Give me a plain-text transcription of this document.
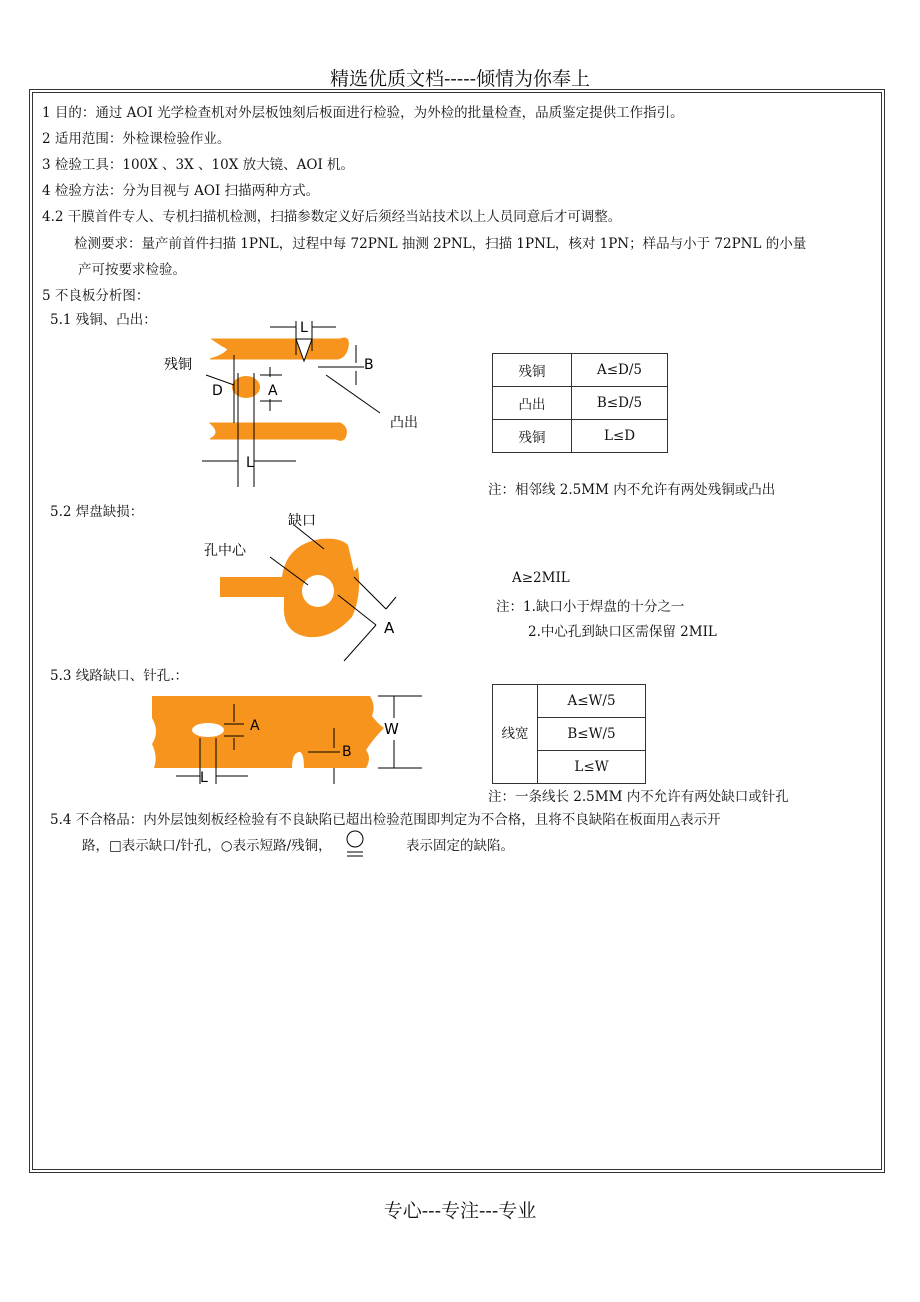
精选优质文档-----倾情为你奉上
1 目的：通过 AOI 光学检查机对外层板蚀刻后板面进行检验，为外检的批量检查，品质鉴定提供工作指引。
2 适用范围：外检课检验作业。
3 检验工具：100X 、3X 、10X 放大镜、AOI 机。
4 检验方法：分为目视与 AOI 扫描两种方式。
4.2 干膜首件专人、专机扫描机检测，扫描参数定义好后须经当站技术以上人员同意后才可调整。
检测要求：量产前首件扫描 1PNL，过程中每 72PNL 抽测 2PNL，扫描 1PNL，核对 1PN；样品与小于 72PNL 的小量
产可按要求检验。
5 不良板分析图：
5.1 残铜、凸出：	L
B
D	A
L
残铜
凸出
残铜	A≤D/5
凸出	B≤D/5
残铜	L≤D
注：相邻线 2.5MM 内不允许有两处残铜或凸出
5.2 焊盘缺损：
缺口
孔中心
A
A≥2MIL
注：1.缺口小于焊盘的十分之一
2.中心孔到缺口区需保留 2MIL
5.3 线路缺口、针孔.：
A
B
W
L
线宽	A≤W/5
B≤W/5
L≤W
注：一条线长 2.5MM 内不允许有两处缺口或针孔
5.4 不合格品：内外层蚀刻板经检验有不良缺陷已超出检验范围即判定为不合格，且将不良缺陷在板面用△表示开
路，□表示缺口/针孔，○表示短路/残铜，	表示固定的缺陷。
专心---专注---专业
